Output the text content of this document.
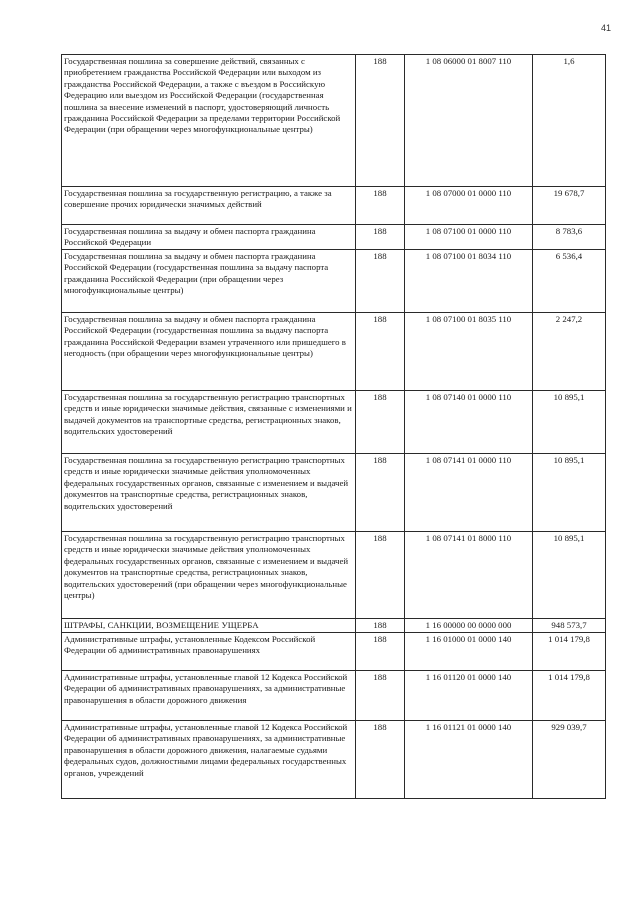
41
Государственная пошлина за совершение действий, связанных с приобретением гражданства Российской Федерации или выходом из гражданства Российской Федерации, а также с въездом в Российскую Федерацию или выездом из Российской Федерации (государственная пошлина за внесение изменений в паспорт, удостоверяющий личность гражданина Российской Федерации за пределами территории Российской Федерации (при обращении через многофункциональные центры)	188	1 08 06000 01 8007 110	1,6
Государственная пошлина за государственную регистрацию, а также за совершение прочих юридически значимых действий	188	1 08 07000 01 0000 110	19 678,7
Государственная пошлина за выдачу и обмен паспорта гражданина Российской Федерации	188	1 08 07100 01 0000 110	8 783,6
Государственная пошлина за выдачу и обмен паспорта гражданина Российской Федерации (государственная пошлина за выдачу паспорта гражданина Российской Федерации (при обращении через многофункциональные центры)	188	1 08 07100 01 8034 110	6 536,4
Государственная пошлина за выдачу и обмен паспорта гражданина Российской Федерации (государственная пошлина за выдачу паспорта гражданина Российской Федерации взамен утраченного или пришедшего в негодность (при обращении через многофункциональные центры)	188	1 08 07100 01 8035 110	2 247,2
Государственная пошлина за государственную регистрацию транспортных средств и иные юридически значимые действия, связанные с изменениями и выдачей документов на транспортные средства, регистрационных знаков, водительских удостоверений	188	1 08 07140 01 0000 110	10 895,1
Государственная пошлина за государственную регистрацию транспортных средств и иные юридически значимые действия уполномоченных федеральных государственных органов, связанные с изменением и выдачей документов на транспортные средства, регистрационных знаков, водительских удостоверений	188	1 08 07141 01 0000 110	10 895,1
Государственная пошлина за государственную регистрацию транспортных средств и иные юридически значимые действия уполномоченных федеральных государственных органов, связанные с изменением и выдачей документов на транспортные средства, регистрационных знаков, водительских удостоверений (при обращении через многофункциональные центры)	188	1 08 07141 01 8000 110	10 895,1
ШТРАФЫ, САНКЦИИ, ВОЗМЕЩЕНИЕ УЩЕРБА	188	1 16 00000 00 0000 000	948 573,7
Административные штрафы, установленные Кодексом Российской Федерации об административных правонарушениях	188	1 16 01000 01 0000 140	1 014 179,8
Административные штрафы, установленные главой 12 Кодекса Российской Федерации об административных правонарушениях, за административные правонарушения в области дорожного движения	188	1 16 01120 01 0000 140	1 014 179,8
Административные штрафы, установленные главой 12 Кодекса Российской Федерации об административных правонарушениях, за административные правонарушения в области дорожного движения, налагаемые судьями федеральных судов, должностными лицами федеральных государственных органов, учреждений	188	1 16 01121 01 0000 140	929 039,7
